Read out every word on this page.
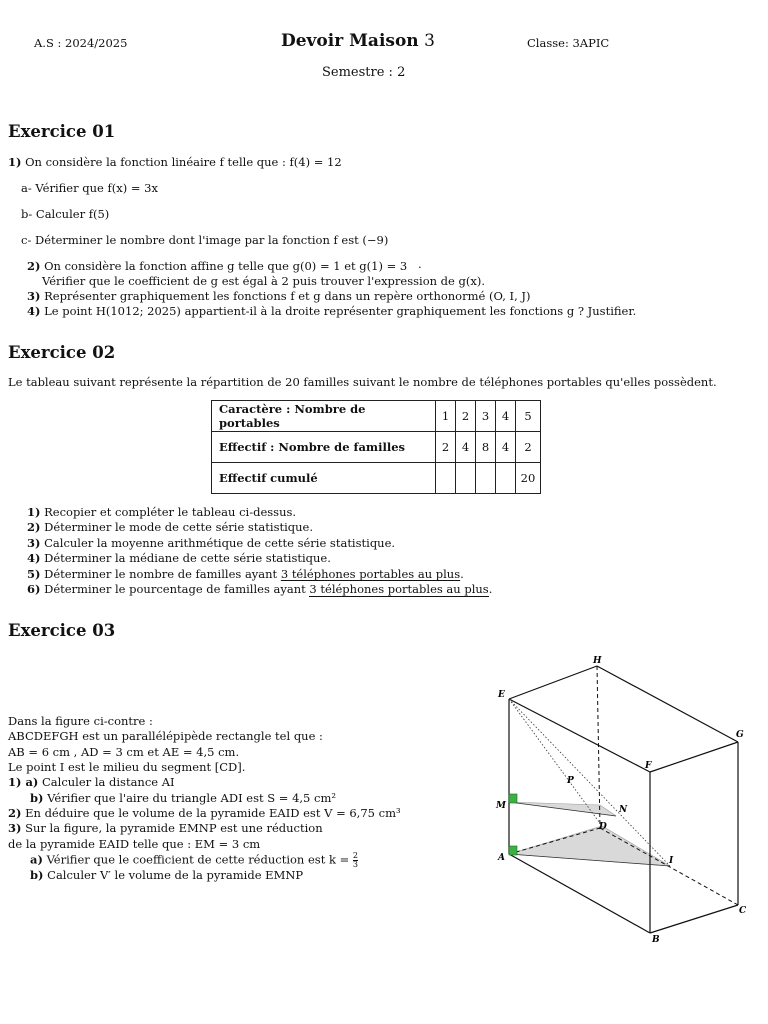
A.S : 2024/2025	Devoir Maison 3	Classe: 3APIC
Semestre : 2
Exercice 01
1) On considère la fonction linéaire f telle que : f(4) = 12
a- Vérifier que f(x) = 3x
b- Calculer f(5)
c- Déterminer le nombre dont l'image par la fonction f est (−9)
2) On considère la fonction affine g telle que g(0) = 1 et g(1) = 3 .
Vérifier que le coefficient de g est égal à 2 puis trouver l'expression de g(x).
3) Représenter graphiquement les fonctions f et g dans un repère orthonormé (O, I, J)
4) Le point H(1012; 2025) appartient-il à la droite représenter graphiquement les fonctions g ? Justifier.
Exercice 02
Le tableau suivant représente la répartition de 20 familles suivant le nombre de téléphones portables qu'elles possèdent.
Caractère : Nombre de portables	1	2	3	4	5
Effectif : Nombre de familles	2	4	8	4	2
Effectif cumulé					20
1) Recopier et compléter le tableau ci-dessus.
2) Déterminer le mode de cette série statistique.
3) Calculer la moyenne arithmétique de cette série statistique.
4) Déterminer la médiane de cette série statistique.
5) Déterminer le nombre de familles ayant 3 téléphones portables au plus.
6) Déterminer le pourcentage de familles ayant 3 téléphones portables au plus.
Exercice 03
Dans la figure ci-contre :
ABCDEFGH est un parallélépipède rectangle tel que :
AB = 6 cm , AD = 3 cm et AE = 4,5 cm.
Le point I est le milieu du segment [CD].
1) a) Calculer la distance AI
b) Vérifier que l'aire du triangle ADI est S = 4,5 cm²
2) En déduire que le volume de la pyramide EAID est V = 6,75 cm³
3) Sur la figure, la pyramide EMNP est une réduction
de la pyramide EAID telle que : EM = 3 cm
a) Vérifier que le coefficient de cette réduction est $k = \frac{2}{3}$
b) Calculer V′ le volume de la pyramide EMNP
H
E
G
F
P
M	N
D
A	I
C
B
